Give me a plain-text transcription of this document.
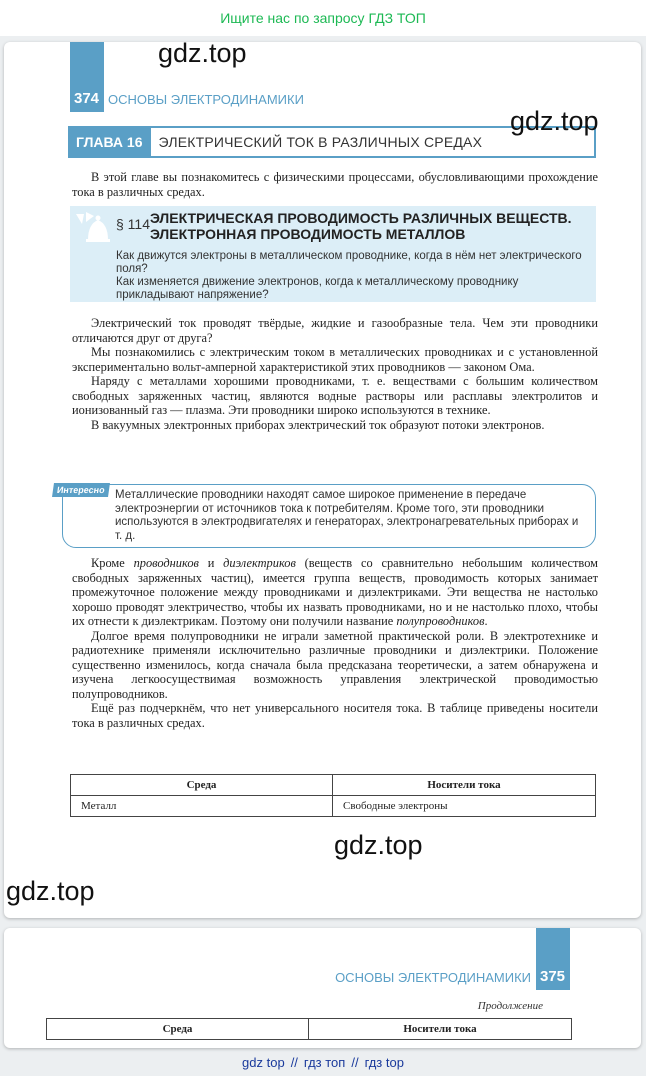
Ищите нас по запросу ГДЗ ТОП
374 ОСНОВЫ ЭЛЕКТРОДИНАМИКИ
ГЛАВА 16	ЭЛЕКТРИЧЕСКИЙ ТОК В РАЗЛИЧНЫХ СРЕДАХ

В этой главе вы познакомитесь с физическими процессами, обусловливающими прохождение тока в различных средах.

§ 114 ЭЛЕКТРИЧЕСКАЯ ПРОВОДИМОСТЬ РАЗЛИЧНЫХ ВЕЩЕСТВ. ЭЛЕКТРОННАЯ ПРОВОДИМОСТЬ МЕТАЛЛОВ
Как движутся электроны в металлическом проводнике, когда в нём нет электрического поля?
Как изменяется движение электронов, когда к металлическому проводнику прикладывают напряжение?

Электрический ток проводят твёрдые, жидкие и газообразные тела. Чем эти проводники отличаются друг от друга?

Мы познакомились с электрическим током в металлических проводниках и с установленной экспериментально вольт-амперной характеристикой этих проводников — законом Ома.

Наряду с металлами хорошими проводниками, т. е. веществами с большим количеством свободных заряженных частиц, являются водные растворы или расплавы электролитов и ионизованный газ — плазма. Эти проводники широко используются в технике.

В вакуумных электронных приборах электрический ток образуют потоки электронов.

Интересно Металлические проводники находят самое широкое применение в передаче электроэнергии от источников тока к потребителям. Кроме того, эти проводники используются в электродвигателях и генераторах, электронагревательных приборах и т. д.

Кроме проводников и диэлектриков (веществ со сравнительно небольшим количеством свободных заряженных частиц), имеется группа веществ, проводимость которых занимает промежуточное положение между проводниками и диэлектриками. Эти вещества не настолько хорошо проводят электричество, чтобы их назвать проводниками, но и не настолько плохо, чтобы их отнести к диэлектрикам. Поэтому они получили название полупроводников.

Долгое время полупроводники не играли заметной практической роли. В электротехнике и радиотехнике применяли исключительно различные проводники и диэлектрики. Положение существенно изменилось, когда сначала была предсказана теоретически, а затем обнаружена и изучена легкоосуществимая возможность управления электрической проводимостью полупроводников.

Ещё раз подчеркнём, что нет универсального носителя тока. В таблице приведены носители тока в различных средах.

Среда	Носители тока
Металл	Свободные электроны
375
ОСНОВЫ ЭЛЕКТРОДИНАМИКИ
Продолжение
Среда	Носители тока
gdz.top
gdz.top
gdz.top
gdz.top
gdz top // гдз топ // гдз top
